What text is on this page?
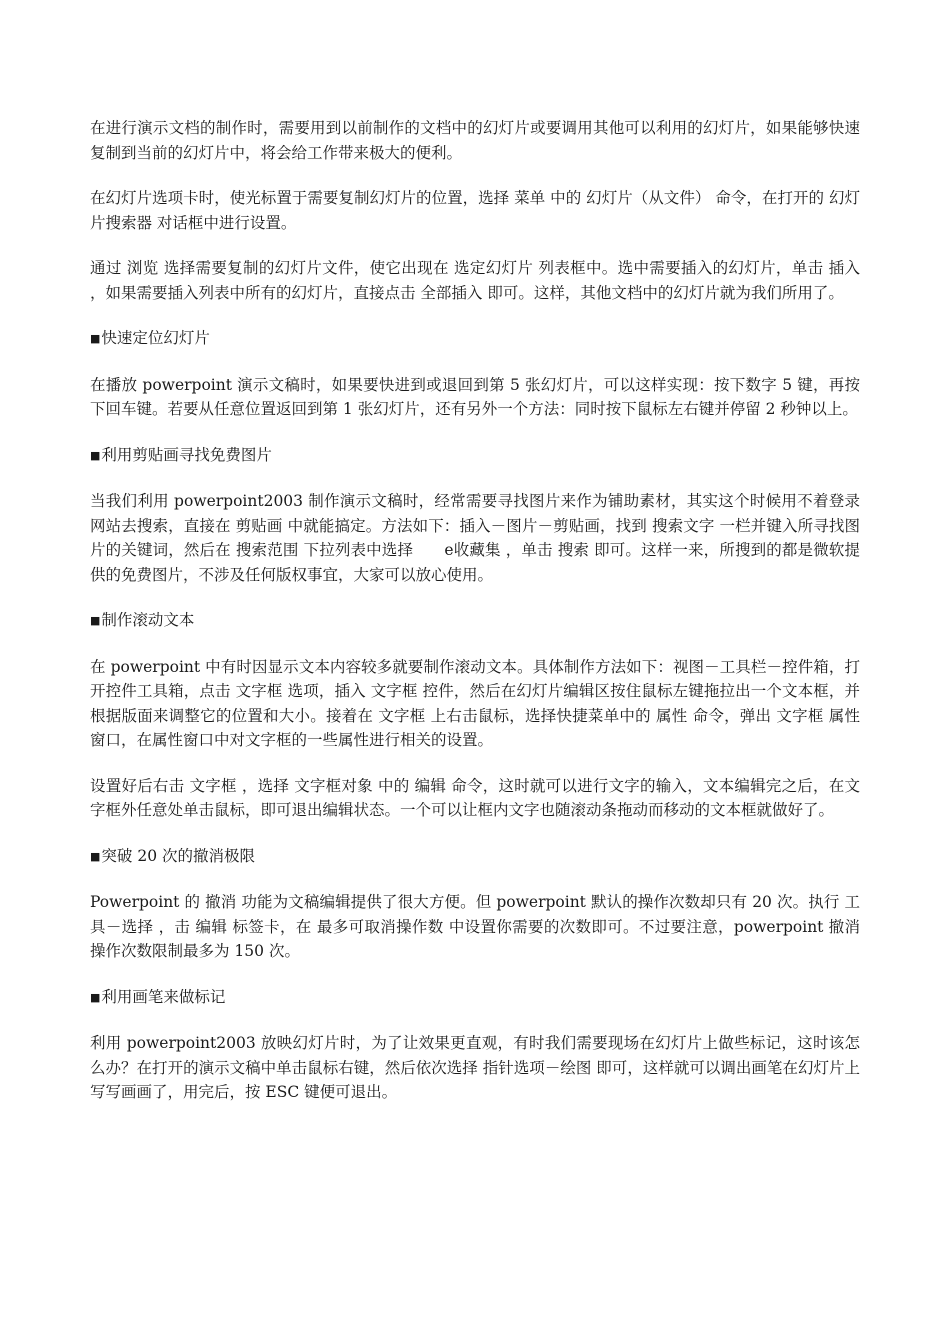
在进行演示文档的制作时，需要用到以前制作的文档中的幻灯片或要调用其他可以利用的幻灯片，如果能够快速复制到当前的幻灯片中，将会给工作带来极大的便利。

在幻灯片选项卡时，使光标置于需要复制幻灯片的位置，选择 菜单 中的 幻灯片（从文件） 命令，在打开的 幻灯片搜索器 对话框中进行设置。

通过 浏览 选择需要复制的幻灯片文件，使它出现在 选定幻灯片 列表框中。选中需要插入的幻灯片，单击 插入 ，如果需要插入列表中所有的幻灯片，直接点击 全部插入 即可。这样，其他文档中的幻灯片就为我们所用了。

■快速定位幻灯片

在播放 powerpoint 演示文稿时，如果要快进到或退回到第 5 张幻灯片，可以这样实现：按下数字 5 键，再按下回车键。若要从任意位置返回到第 1 张幻灯片，还有另外一个方法：同时按下鼠标左右键并停留 2 秒钟以上。

■利用剪贴画寻找免费图片

当我们利用 powerpoint2003 制作演示文稿时，经常需要寻找图片来作为铺助素材，其实这个时候用不着登录网站去搜索，直接在 剪贴画 中就能搞定。方法如下：插入－图片－剪贴画，找到 搜索文字 一栏并键入所寻找图片的关键词，然后在 搜索范围 下拉列表中选择　　e收藏集 ，单击 搜索 即可。这样一来，所搜到的都是微软提供的免费图片，不涉及任何版权事宜，大家可以放心使用。

■制作滚动文本

在 powerpoint 中有时因显示文本内容较多就要制作滚动文本。具体制作方法如下：视图－工具栏－控件箱，打开控件工具箱，点击 文字框 选项，插入 文字框 控件，然后在幻灯片编辑区按住鼠标左键拖拉出一个文本框，并根据版面来调整它的位置和大小。接着在 文字框 上右击鼠标，选择快捷菜单中的 属性 命令，弹出 文字框 属性窗口，在属性窗口中对文字框的一些属性进行相关的设置。

设置好后右击 文字框 ，选择 文字框对象 中的 编辑 命令，这时就可以进行文字的输入，文本编辑完之后，在文字框外任意处单击鼠标，即可退出编辑状态。一个可以让框内文字也随滚动条拖动而移动的文本框就做好了。

■突破 20 次的撤消极限

Powerpoint 的 撤消 功能为文稿编辑提供了很大方便。但 powerpoint 默认的操作次数却只有 20 次。执行 工具－选择 ，击 编辑 标签卡，在 最多可取消操作数 中设置你需要的次数即可。不过要注意，powerpoint 撤消操作次数限制最多为 150 次。

■利用画笔来做标记

利用 powerpoint2003 放映幻灯片时，为了让效果更直观，有时我们需要现场在幻灯片上做些标记，这时该怎么办？在打开的演示文稿中单击鼠标右键，然后依次选择 指针选项－绘图 即可，这样就可以调出画笔在幻灯片上写写画画了，用完后，按 ESC 键便可退出。
